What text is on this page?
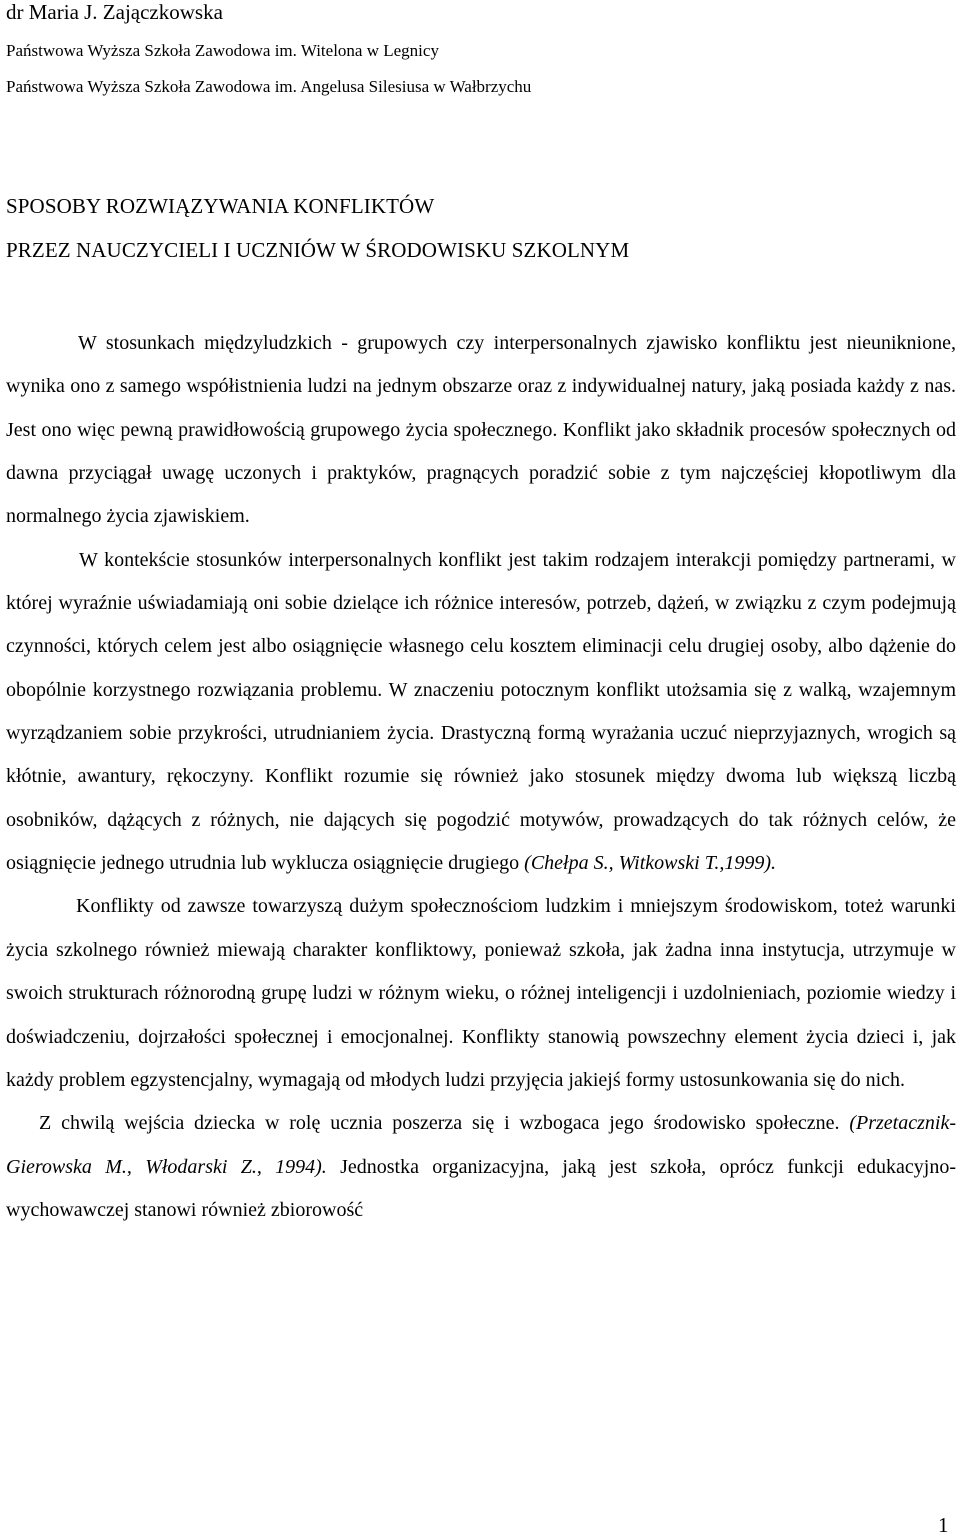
dr Maria J. Zajączkowska
Państwowa Wyższa Szkoła Zawodowa im. Witelona w Legnicy
Państwowa Wyższa Szkoła Zawodowa im. Angelusa Silesiusa w Wałbrzychu
SPOSOBY ROZWIĄZYWANIA KONFLIKTÓW
PRZEZ NAUCZYCIELI I UCZNIÓW W ŚRODOWISKU SZKOLNYM

W stosunkach międzyludzkich - grupowych czy interpersonalnych zjawisko konfliktu jest nieuniknione, wynika ono z samego współistnienia ludzi na jednym obszarze oraz z indywidualnej natury, jaką posiada każdy z nas. Jest ono więc pewną prawidłowością grupowego życia społecznego. Konflikt jako składnik procesów społecznych od dawna przyciągał uwagę uczonych i praktyków, pragnących poradzić sobie z tym najczęściej kłopotliwym dla normalnego życia zjawiskiem.

W kontekście stosunków interpersonalnych konflikt jest takim rodzajem interakcji pomiędzy partnerami, w której wyraźnie uświadamiają oni sobie dzielące ich różnice interesów, potrzeb, dążeń, w związku z czym podejmują czynności, których celem jest albo osiągnięcie własnego celu kosztem eliminacji celu drugiej osoby, albo dążenie do obopólnie korzystnego rozwiązania problemu. W znaczeniu potocznym konflikt utożsamia się z walką, wzajemnym wyrządzaniem sobie przykrości, utrudnianiem życia. Drastyczną formą wyrażania uczuć nieprzyjaznych, wrogich są kłótnie, awantury, rękoczyny. Konflikt rozumie się również jako stosunek między dwoma lub większą liczbą osobników, dążących z różnych, nie dających się pogodzić motywów, prowadzących do tak różnych celów, że osiągnięcie jednego utrudnia lub wyklucza osiągnięcie drugiego (Chełpa S., Witkowski T.,1999).

Konflikty od zawsze towarzyszą dużym społecznościom ludzkim i mniejszym środowiskom, toteż warunki życia szkolnego również miewają charakter konfliktowy, ponieważ szkoła, jak żadna inna instytucja, utrzymuje w swoich strukturach różnorodną grupę ludzi w różnym wieku, o różnej inteligencji i uzdolnieniach, poziomie wiedzy i doświadczeniu, dojrzałości społecznej i emocjonalnej. Konflikty stanowią powszechny element życia dzieci i, jak każdy problem egzystencjalny, wymagają od młodych ludzi przyjęcia jakiejś formy ustosunkowania się do nich.

Z chwilą wejścia dziecka w rolę ucznia poszerza się i wzbogaca jego środowisko społeczne. (Przetacznik- Gierowska M., Włodarski Z., 1994). Jednostka organizacyjna, jaką jest szkoła, oprócz funkcji edukacyjno-wychowawczej stanowi również zbiorowość

1
